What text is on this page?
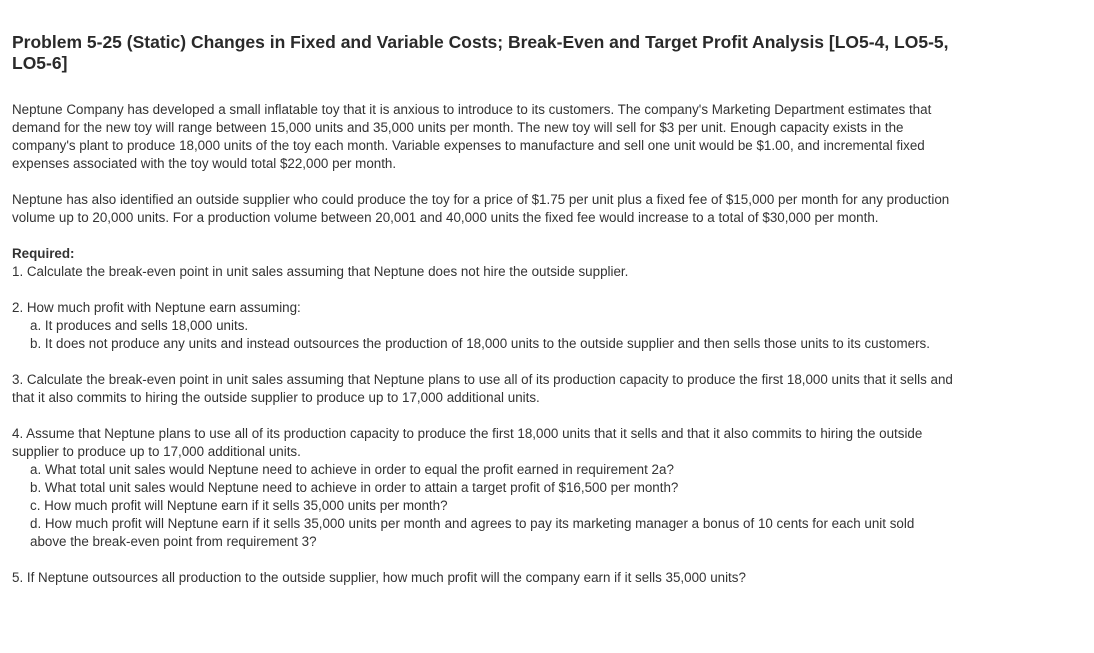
Problem 5-25 (Static) Changes in Fixed and Variable Costs; Break-Even and Target Profit Analysis [LO5-4, LO5-5, LO5-6]

Neptune Company has developed a small inflatable toy that it is anxious to introduce to its customers. The company's Marketing Department estimates that demand for the new toy will range between 15,000 units and 35,000 units per month. The new toy will sell for $3 per unit. Enough capacity exists in the company's plant to produce 18,000 units of the toy each month. Variable expenses to manufacture and sell one unit would be $1.00, and incremental fixed expenses associated with the toy would total $22,000 per month.

Neptune has also identified an outside supplier who could produce the toy for a price of $1.75 per unit plus a fixed fee of $15,000 per month for any production volume up to 20,000 units. For a production volume between 20,001 and 40,000 units the fixed fee would increase to a total of $30,000 per month.

Required:

1. Calculate the break-even point in unit sales assuming that Neptune does not hire the outside supplier.
2. How much profit with Neptune earn assuming:
a. It produces and sells 18,000 units.
b. It does not produce any units and instead outsources the production of 18,000 units to the outside supplier and then sells those units to its customers.
3. Calculate the break-even point in unit sales assuming that Neptune plans to use all of its production capacity to produce the first 18,000 units that it sells and that it also commits to hiring the outside supplier to produce up to 17,000 additional units.
4. Assume that Neptune plans to use all of its production capacity to produce the first 18,000 units that it sells and that it also commits to hiring the outside supplier to produce up to 17,000 additional units.
a. What total unit sales would Neptune need to achieve in order to equal the profit earned in requirement 2a?
b. What total unit sales would Neptune need to achieve in order to attain a target profit of $16,500 per month?
c. How much profit will Neptune earn if it sells 35,000 units per month?
d. How much profit will Neptune earn if it sells 35,000 units per month and agrees to pay its marketing manager a bonus of 10 cents for each unit sold above the break-even point from requirement 3?
5. If Neptune outsources all production to the outside supplier, how much profit will the company earn if it sells 35,000 units?
